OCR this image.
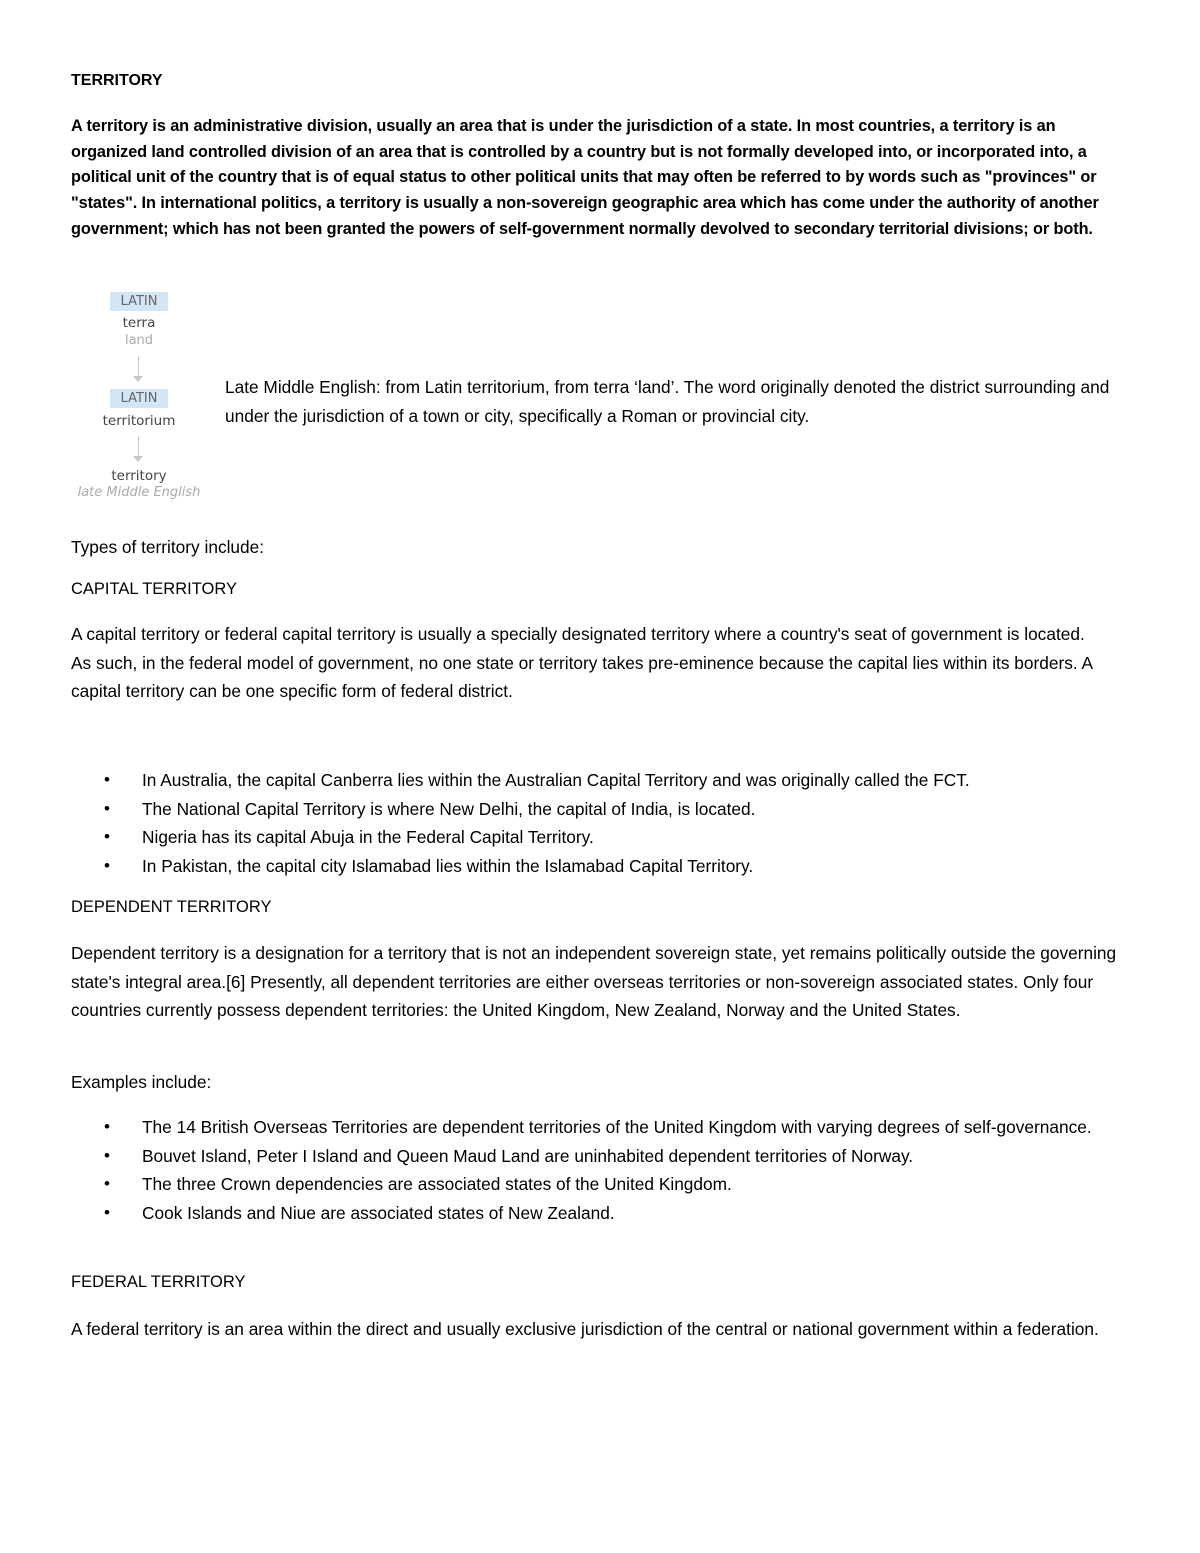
TERRITORY
A territory is an administrative division, usually an area that is under the jurisdiction of a state. In most countries, a territory is an organized land controlled division of an area that is controlled by a country but is not formally developed into, or incorporated into, a political unit of the country that is of equal status to other political units that may often be referred to by words such as "provinces" or "states". In international politics, a territory is usually a non-sovereign geographic area which has come under the authority of another government; which has not been granted the powers of self-government normally devolved to secondary territorial divisions; or both.
Late Middle English: from Latin territorium, from terra ‘land’. The word originally denoted the district surrounding and under the jurisdiction of a town or city, specifically a Roman or provincial city.
Types of territory include:
CAPITAL TERRITORY
A capital territory or federal capital territory is usually a specially designated territory where a country's seat of government is located. As such, in the federal model of government, no one state or territory takes pre-eminence because the capital lies within its borders. A capital territory can be one specific form of federal district.
• In Australia, the capital Canberra lies within the Australian Capital Territory and was originally called the FCT.
• The National Capital Territory is where New Delhi, the capital of India, is located.
• Nigeria has its capital Abuja in the Federal Capital Territory.
• In Pakistan, the capital city Islamabad lies within the Islamabad Capital Territory.
DEPENDENT TERRITORY
Dependent territory is a designation for a territory that is not an independent sovereign state, yet remains politically outside the governing state's integral area.[6] Presently, all dependent territories are either overseas territories or non-sovereign associated states. Only four countries currently possess dependent territories: the United Kingdom, New Zealand, Norway and the United States.
Examples include:
• The 14 British Overseas Territories are dependent territories of the United Kingdom with varying degrees of self-governance.
• Bouvet Island, Peter I Island and Queen Maud Land are uninhabited dependent territories of Norway.
• The three Crown dependencies are associated states of the United Kingdom.
• Cook Islands and Niue are associated states of New Zealand.
FEDERAL TERRITORY
A federal territory is an area within the direct and usually exclusive jurisdiction of the central or national government within a federation.
LATIN
terra
land
LATIN
territorium
territory
late Middle English
